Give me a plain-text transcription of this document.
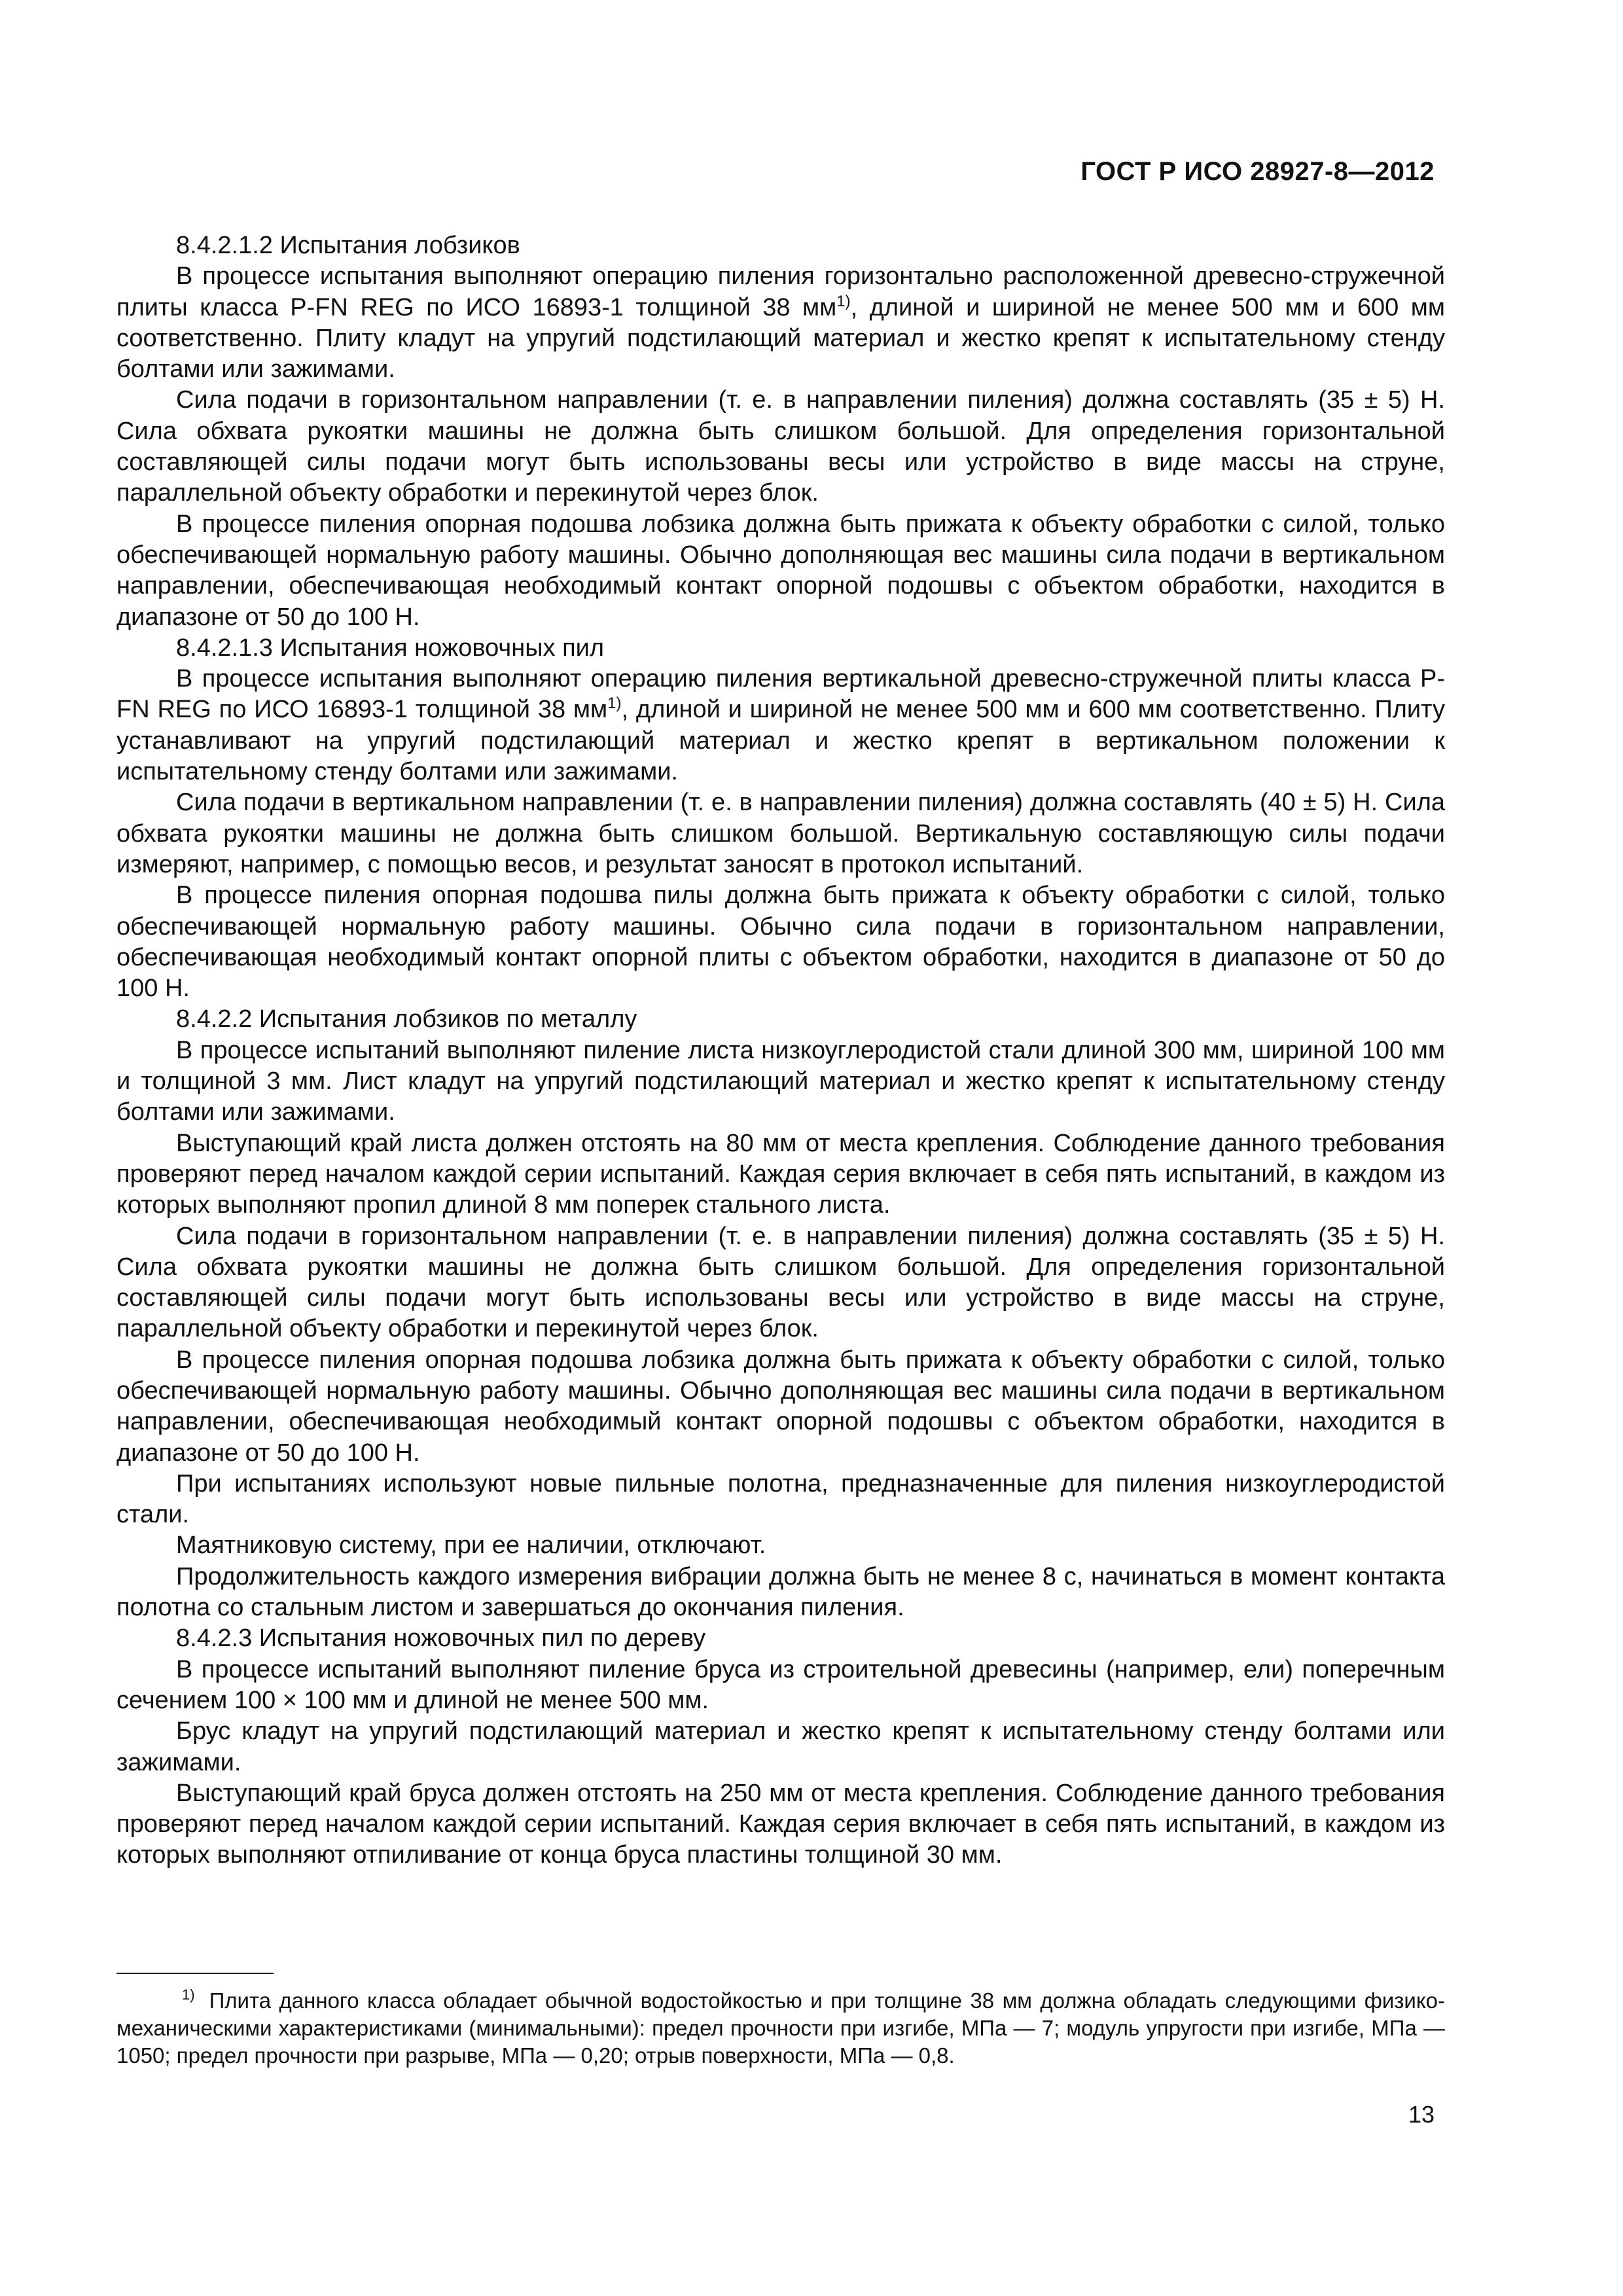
ГОСТ Р ИСО 28927-8—2012

8.4.2.1.2 Испытания лобзиков

В процессе испытания выполняют операцию пиления горизонтально расположенной древесно-стружечной плиты класса P-FN REG по ИСО 16893-1 толщиной 38 $мм^{1)}$, длиной и шириной не менее 500 мм и 600 мм соответственно. Плиту кладут на упругий подстилающий материал и жестко крепят к испытательному стенду болтами или зажимами.

Сила подачи в горизонтальном направлении (т. е. в направлении пиления) должна составлять (35 ± 5) Н. Сила обхвата рукоятки машины не должна быть слишком большой. Для определения горизонтальной составляющей силы подачи могут быть использованы весы или устройство в виде массы на струне, параллельной объекту обработки и перекинутой через блок.

В процессе пиления опорная подошва лобзика должна быть прижата к объекту обработки с силой, только обеспечивающей нормальную работу машины. Обычно дополняющая вес машины сила подачи в вертикальном направлении, обеспечивающая необходимый контакт опорной подошвы с объектом обработки, находится в диапазоне от 50 до 100 Н.

8.4.2.1.3 Испытания ножовочных пил

В процессе испытания выполняют операцию пиления вертикальной древесно-стружечной плиты класса P-FN REG по ИСО 16893-1 толщиной 38 $мм^{1)}$, длиной и шириной не менее 500 мм и 600 мм соответственно. Плиту устанавливают на упругий подстилающий материал и жестко крепят в вертикальном положении к испытательному стенду болтами или зажимами.

Сила подачи в вертикальном направлении (т. е. в направлении пиления) должна составлять (40 ± 5) Н. Сила обхвата рукоятки машины не должна быть слишком большой. Вертикальную составляющую силы подачи измеряют, например, с помощью весов, и результат заносят в протокол испытаний.

В процессе пиления опорная подошва пилы должна быть прижата к объекту обработки с силой, только обеспечивающей нормальную работу машины. Обычно сила подачи в горизонтальном направлении, обеспечивающая необходимый контакт опорной плиты с объектом обработки, находится в диапазоне от 50 до 100 Н.

8.4.2.2 Испытания лобзиков по металлу

В процессе испытаний выполняют пиление листа низкоуглеродистой стали длиной 300 мм, шириной 100 мм и толщиной 3 мм. Лист кладут на упругий подстилающий материал и жестко крепят к испытательному стенду болтами или зажимами.

Выступающий край листа должен отстоять на 80 мм от места крепления. Соблюдение данного требования проверяют перед началом каждой серии испытаний. Каждая серия включает в себя пять испытаний, в каждом из которых выполняют пропил длиной 8 мм поперек стального листа.

Сила подачи в горизонтальном направлении (т. е. в направлении пиления) должна составлять (35 ± 5) Н. Сила обхвата рукоятки машины не должна быть слишком большой. Для определения горизонтальной составляющей силы подачи могут быть использованы весы или устройство в виде массы на струне, параллельной объекту обработки и перекинутой через блок.

В процессе пиления опорная подошва лобзика должна быть прижата к объекту обработки с силой, только обеспечивающей нормальную работу машины. Обычно дополняющая вес машины сила подачи в вертикальном направлении, обеспечивающая необходимый контакт опорной подошвы с объектом обработки, находится в диапазоне от 50 до 100 Н.

При испытаниях используют новые пильные полотна, предназначенные для пиления низкоуглеродистой стали.

Маятниковую систему, при ее наличии, отключают.

Продолжительность каждого измерения вибрации должна быть не менее 8 с, начинаться в момент контакта полотна со стальным листом и завершаться до окончания пиления.

8.4.2.3 Испытания ножовочных пил по дереву

В процессе испытаний выполняют пиление бруса из строительной древесины (например, ели) поперечным сечением 100 × 100 мм и длиной не менее 500 мм.

Брус кладут на упругий подстилающий материал и жестко крепят к испытательному стенду болтами или зажимами.

Выступающий край бруса должен отстоять на 250 мм от места крепления. Соблюдение данного требования проверяют перед началом каждой серии испытаний. Каждая серия включает в себя пять испытаний, в каждом из которых выполняют отпиливание от конца бруса пластины толщиной 30 мм.

$^{1)}$ Плита данного класса обладает обычной водостойкостью и при толщине 38 мм должна обладать следующими физико-механическими характеристиками (минимальными): предел прочности при изгибе, МПа — 7; модуль упругости при изгибе, МПа — 1050; предел прочности при разрыве, МПа — 0,20; отрыв поверхности, МПа — 0,8.

13
